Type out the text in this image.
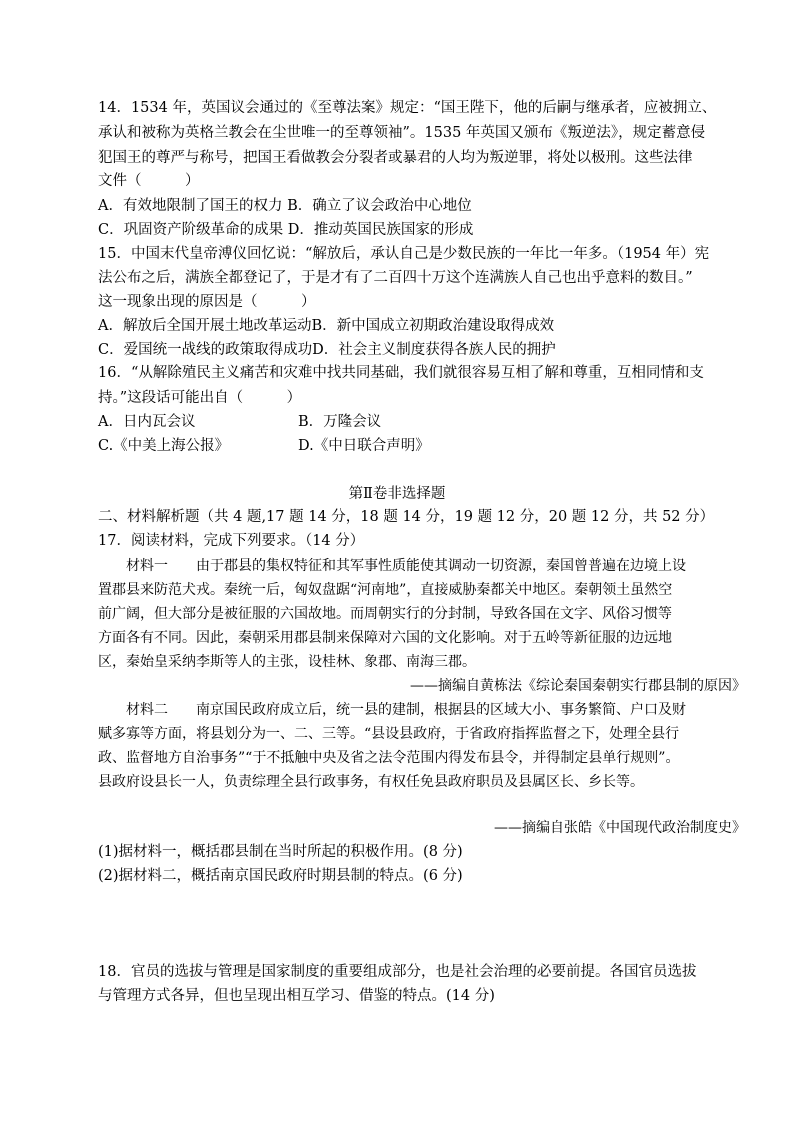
14．1534 年，英国议会通过的《至尊法案》规定：“国王陛下，他的后嗣与继承者，应被拥立、
承认和被称为英格兰教会在尘世唯一的至尊领袖”。1535 年英国又颁布《叛逆法》，规定蓄意侵
犯国王的尊严与称号，把国王看做教会分裂者或暴君的人均为叛逆罪，将处以极刑。这些法律
文件（　　　）
A．有效地限制了国王的权力 B．确立了议会政治中心地位
C．巩固资产阶级革命的成果 D．推动英国民族国家的形成
15．中国末代皇帝溥仪回忆说：“解放后，承认自己是少数民族的一年比一年多。（1954 年）宪
法公布之后，满族全都登记了，于是才有了二百四十万这个连满族人自己也出乎意料的数目。”
这一现象出现的原因是（　　　）
A．解放后全国开展土地改革运动B．新中国成立初期政治建设取得成效
C．爱国统一战线的政策取得成功D．社会主义制度获得各族人民的拥护
16．“从解除殖民主义痛苦和灾难中找共同基础，我们就很容易互相了解和尊重，互相同情和支
持。”这段话可能出自（　　　）
A．日内瓦会议	B．万隆会议
C.《中美上海公报》	D.《中日联合声明》
第Ⅱ卷非选择题
二、材料解析题（共 4 题,17 题 14 分，18 题 14 分，19 题 12 分，20 题 12 分，共 52 分）
17．阅读材料，完成下列要求。（14 分）
　　材料一　　由于郡县的集权特征和其军事性质能使其调动一切资源，秦国曾普遍在边境上设
置郡县来防范犬戎。秦统一后，匈奴盘踞“河南地”，直接威胁秦都关中地区。秦朝领土虽然空
前广阔，但大部分是被征服的六国故地。而周朝实行的分封制，导致各国在文字、风俗习惯等
方面各有不同。因此，秦朝采用郡县制来保障对六国的文化影响。对于五岭等新征服的边远地
区，秦始皇采纳李斯等人的主张，设桂林、象郡、南海三郡。
——摘编自黄栋法《综论秦国秦朝实行郡县制的原因》
　　材料二　　南京国民政府成立后，统一县的建制，根据县的区域大小、事务繁简、户口及财
赋多寡等方面，将县划分为一、二、三等。“县设县政府，于省政府指挥监督之下，处理全县行
政、监督地方自治事务”“于不抵触中央及省之法令范围内得发布县令，并得制定县单行规则”。
县政府设县长一人，负责综理全县行政事务，有权任免县政府职员及县属区长、乡长等。
——摘编自张皓《中国现代政治制度史》
(1)据材料一，概括郡县制在当时所起的积极作用。(8 分)
(2)据材料二，概括南京国民政府时期县制的特点。(6 分)
18．官员的选拔与管理是国家制度的重要组成部分，也是社会治理的必要前提。各国官员选拔
与管理方式各异，但也呈现出相互学习、借鉴的特点。(14 分)
